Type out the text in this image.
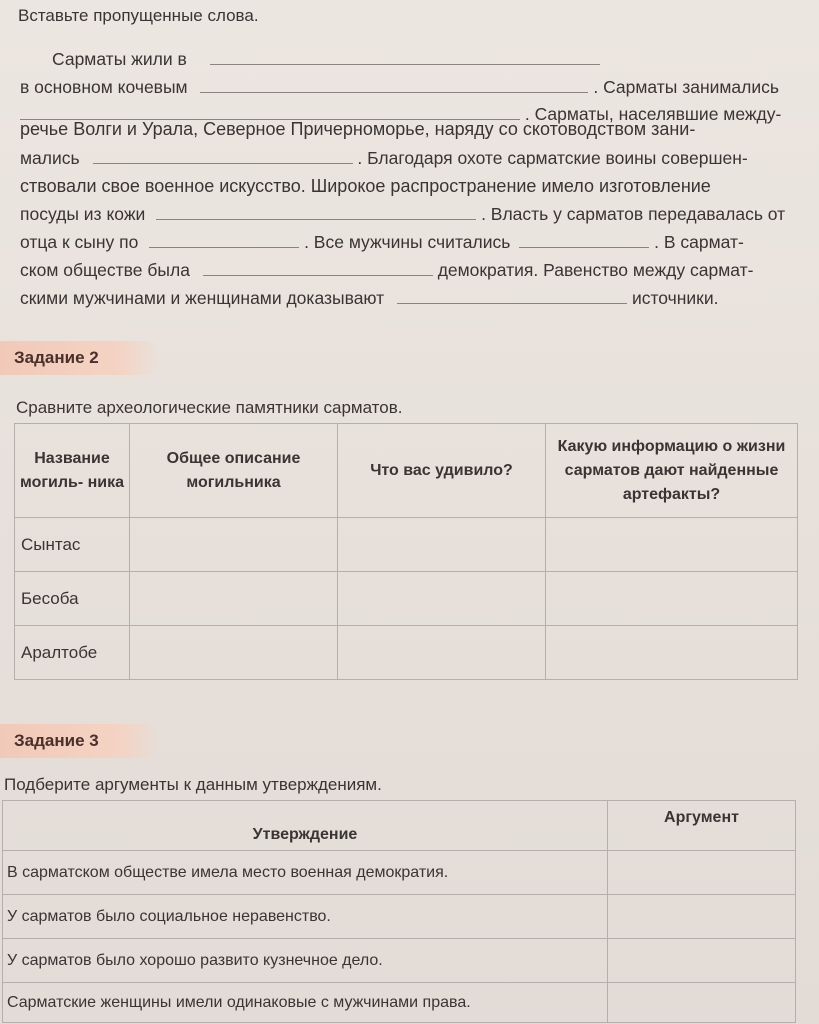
Вставьте пропущенные слова.
Сарматы жили в
в основном кочевым	. Сарматы занимались
. Сарматы, населявшие между-
речье Волги и Урала, Северное Причерноморье, наряду со скотоводством зани-
мались	. Благодаря охоте сарматские воины совершен-
ствовали свое военное искусство. Широкое распространение имело изготовление
посуды из кожи	. Власть у сарматов передавалась от
отца к сыну по	. Все мужчины считались	. В сармат-
ском обществе была	демократия. Равенство между сармат-
скими мужчинами и женщинами доказывают	источники.
Задание 2
Сравните археологические памятники сарматов.
Название могиль- ника	Общее описание могильника	Что вас удивило?	Какую информацию о жизни сарматов дают найденные артефакты?
Сынтас			
Бесоба			
Аралтобе			
Задание 3
Подберите аргументы к данным утверждениям.
Утверждение	Аргумент
В сарматском обществе имела место военная демократия.	
У сарматов было социальное неравенство.	
У сарматов было хорошо развито кузнечное дело.	
Сарматские женщины имели одинаковые с мужчинами права.	
